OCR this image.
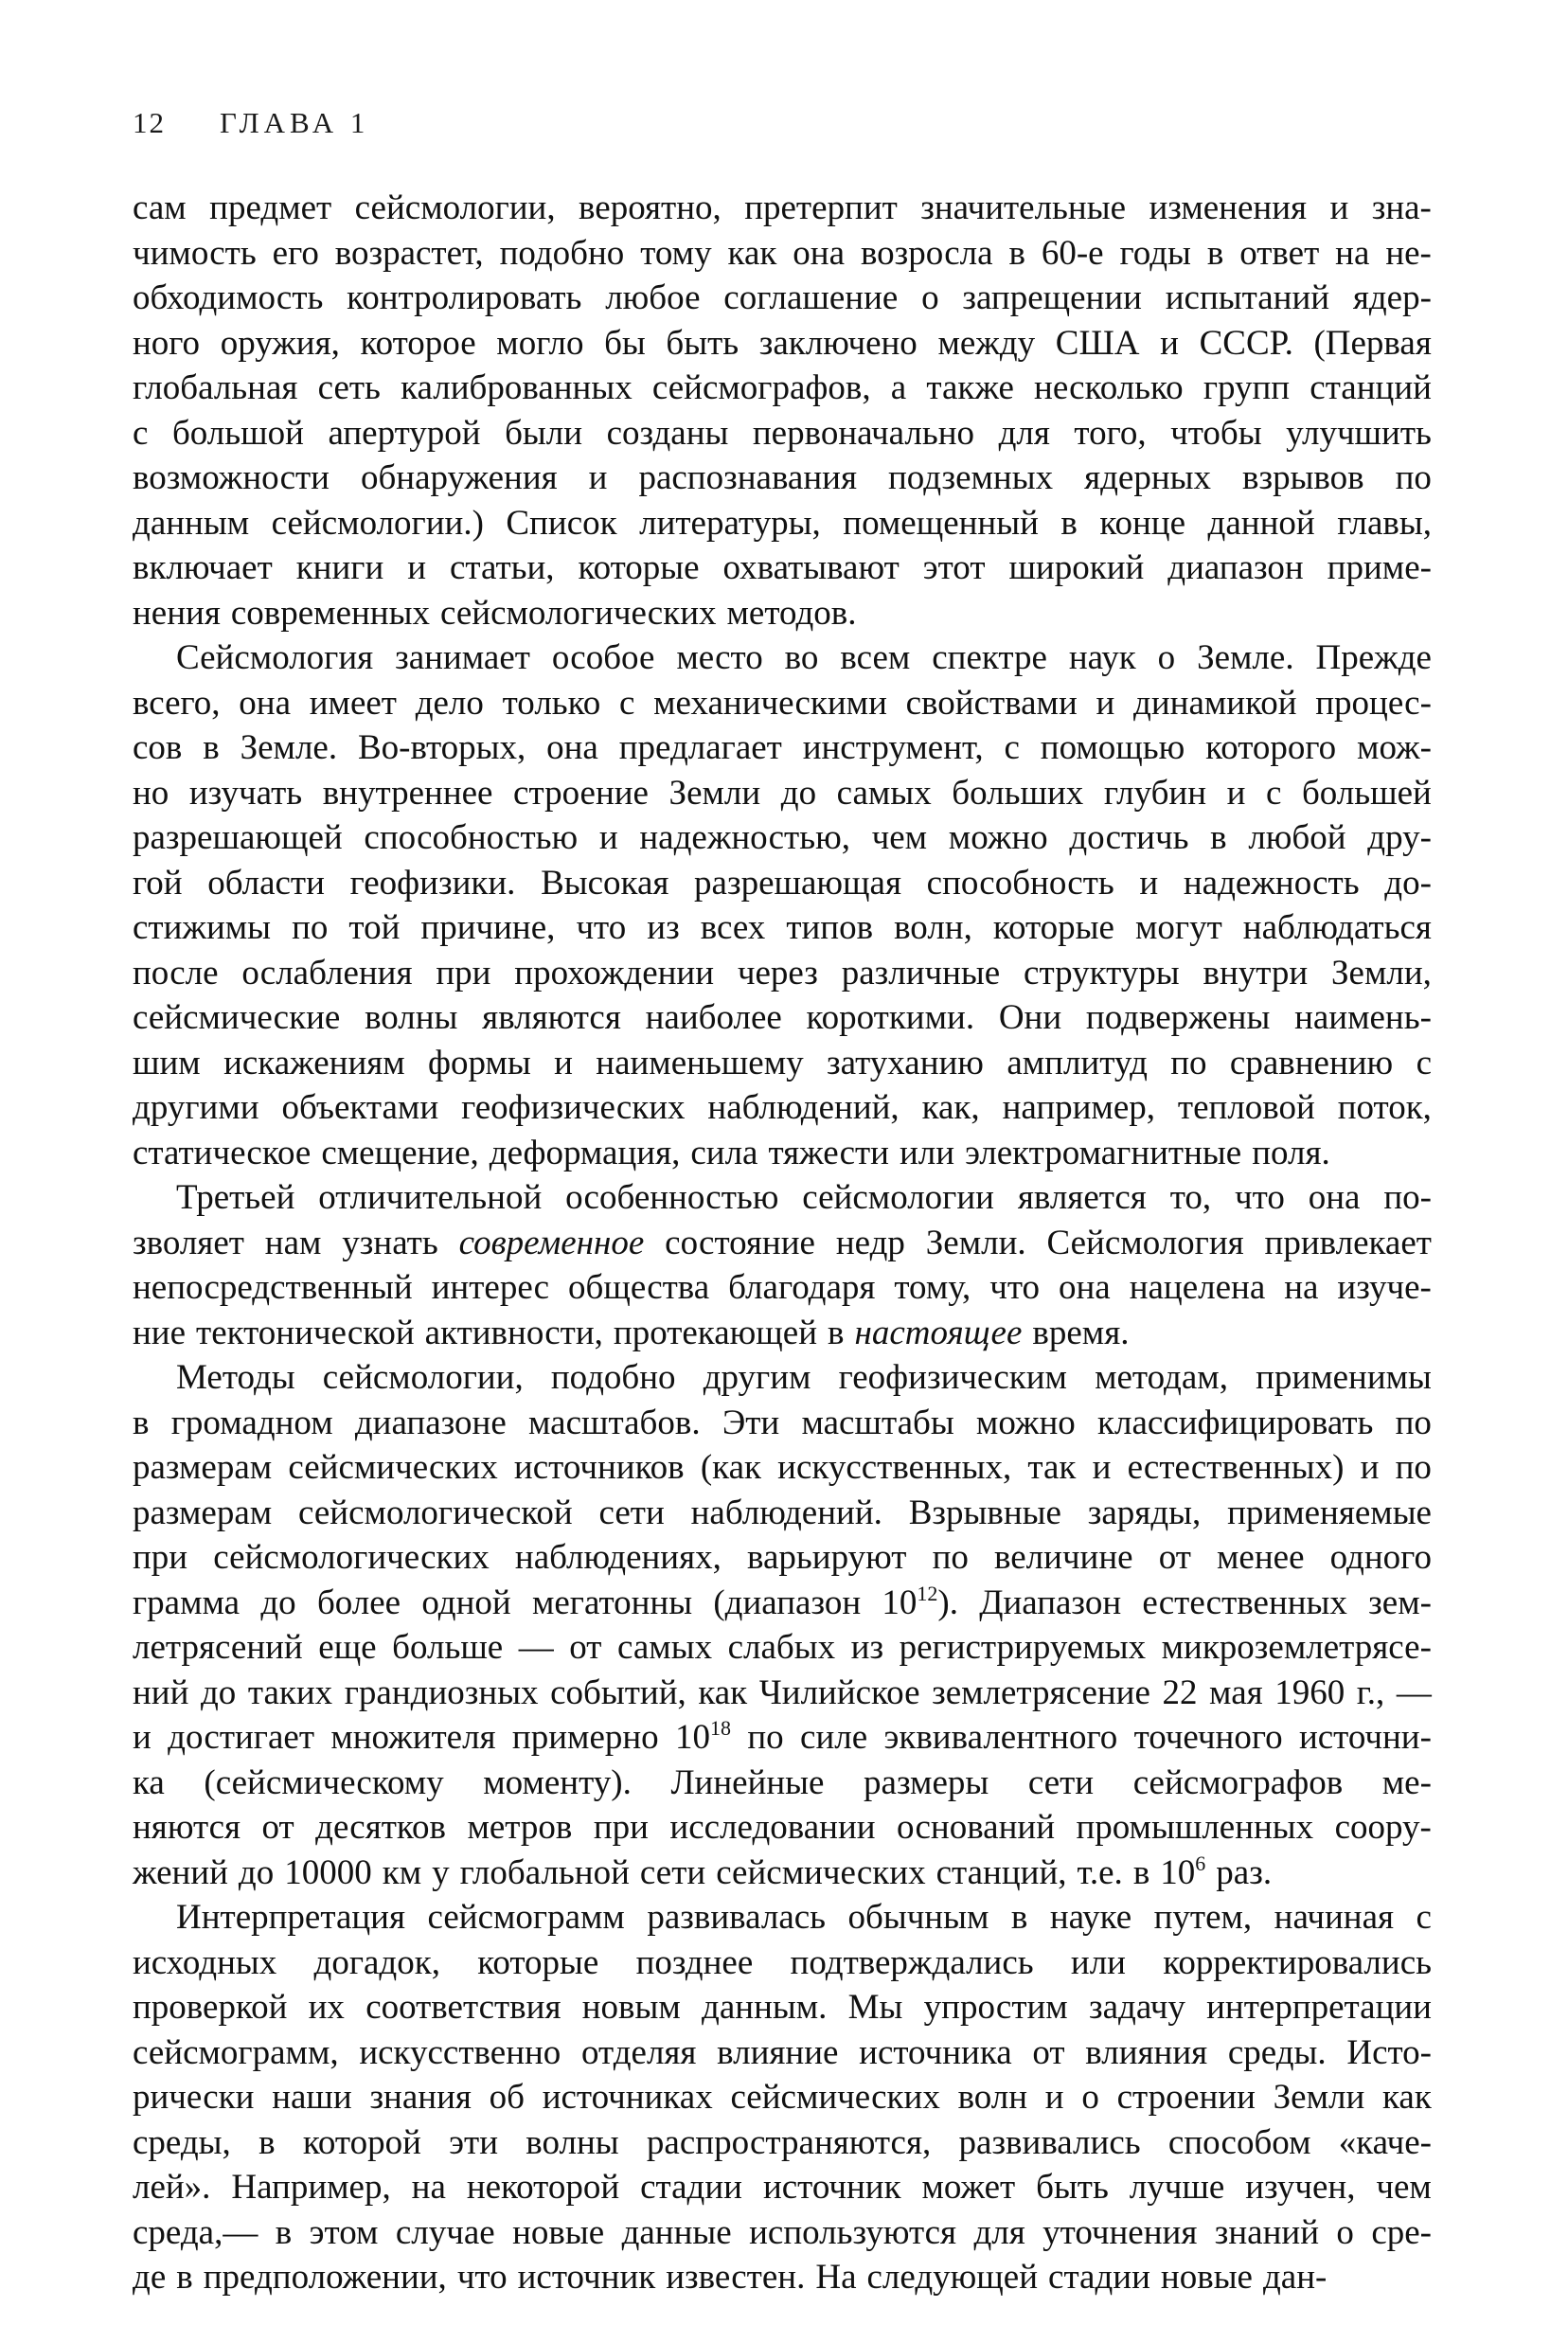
12 ГЛАВА 1
сам предмет сейсмологии, вероятно, претерпит значительные изменения и зна-
чимость его возрастет, подобно тому как она возросла в 60-е годы в ответ на не-
обходимость контролировать любое соглашение о запрещении испытаний ядер-
ного оружия, которое могло бы быть заключено между США и СССР. (Первая
глобальная сеть калиброванных сейсмографов, а также несколько групп станций
с большой апертурой были созданы первоначально для того, чтобы улучшить
возможности обнаружения и распознавания подземных ядерных взрывов по
данным сейсмологии.) Список литературы, помещенный в конце данной главы,
включает книги и статьи, которые охватывают этот широкий диапазон приме-
нения современных сейсмологических методов.
Сейсмология занимает особое место во всем спектре наук о Земле. Прежде
всего, она имеет дело только с механическими свойствами и динамикой процес-
сов в Земле. Во-вторых, она предлагает инструмент, с помощью которого мож-
но изучать внутреннее строение Земли до самых больших глубин и с большей
разрешающей способностью и надежностью, чем можно достичь в любой дру-
гой области геофизики. Высокая разрешающая способность и надежность до-
стижимы по той причине, что из всех типов волн, которые могут наблюдаться
после ослабления при прохождении через различные структуры внутри Земли,
сейсмические волны являются наиболее короткими. Они подвержены наимень-
шим искажениям формы и наименьшему затуханию амплитуд по сравнению с
другими объектами геофизических наблюдений, как, например, тепловой поток,
статическое смещение, деформация, сила тяжести или электромагнитные поля.
Третьей отличительной особенностью сейсмологии является то, что она по-
зволяет нам узнать современное состояние недр Земли. Сейсмология привлекает
непосредственный интерес общества благодаря тому, что она нацелена на изуче-
ние тектонической активности, протекающей в настоящее время.
Методы сейсмологии, подобно другим геофизическим методам, применимы
в громадном диапазоне масштабов. Эти масштабы можно классифицировать по
размерам сейсмических источников (как искусственных, так и естественных) и по
размерам сейсмологической сети наблюдений. Взрывные заряды, применяемые
при сейсмологических наблюдениях, варьируют по величине от менее одного
грамма до более одной мегатонны (диапазон $10^{12}$). Диапазон естественных зем-
летрясений еще больше — от самых слабых из регистрируемых микроземлетрясе-
ний до таких грандиозных событий, как Чилийское землетрясение 22 мая 1960 г., —
и достигает множителя примерно $10^{18}$ по силе эквивалентного точечного источни-
ка (сейсмическому моменту). Линейные размеры сети сейсмографов ме-
няются от десятков метров при исследовании оснований промышленных соору-
жений до 10000 км у глобальной сети сейсмических станций, т.е. в $10^6$ раз.
Интерпретация сейсмограмм развивалась обычным в науке путем, начиная с
исходных догадок, которые позднее подтверждались или корректировались
проверкой их соответствия новым данным. Мы упростим задачу интерпретации
сейсмограмм, искусственно отделяя влияние источника от влияния среды. Исто-
рически наши знания об источниках сейсмических волн и о строении Земли как
среды, в которой эти волны распространяются, развивались способом «каче-
лей». Например, на некоторой стадии источник может быть лучше изучен, чем
среда,— в этом случае новые данные используются для уточнения знаний о сре-
де в предположении, что источник известен. На следующей стадии новые дан-
